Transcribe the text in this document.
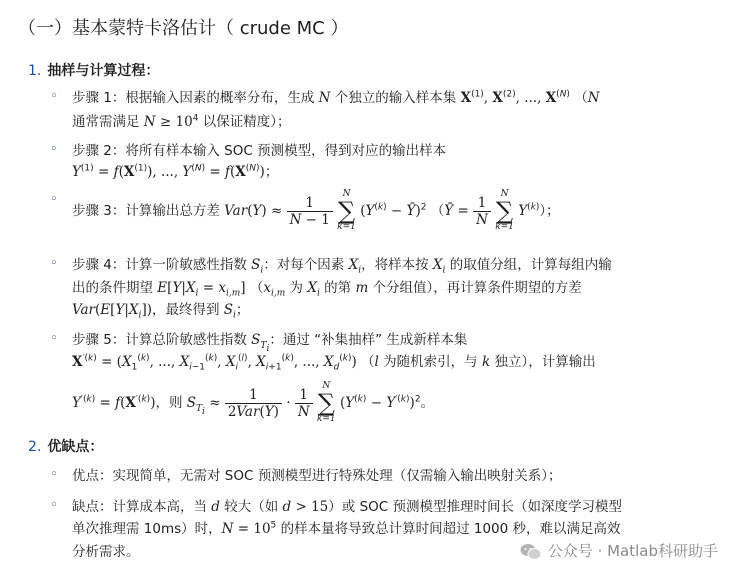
（一）基本蒙特卡洛估计（ crude MC ）
1. 抽样与计算过程：
◦ 步骤 1：根据输入因素的概率分布，生成 N 个独立的输入样本集 $X^{(1)}$, $X^{(2)}$, ..., $X^{(N)}$ （N
通常需满足 $N \ge 10^4$ 以保证精度）；
◦ 步骤 2：将所有样本输入 SOC 预测模型，得到对应的输出样本
$Y^{(1)} = f(X^{(1)})$, ..., $Y^{(N)} = f(X^{(N)})$；
◦
步骤 3：计算输出总方差 $Var(Y) \approx \frac{1}{N - 1}$

N
∑
k=1
($Y^{(k)}$ − Ȳ)$^2$ （Ȳ = $\frac{1}{N}$

N
∑
k=1
$Y^{(k)}$）；
◦ 步骤 4：计算一阶敏感性指数 $S_i$：对每个因素 $X_i$，将样本按 $X_i$ 的取值分组，计算每组内输
出的条件期望 $E[Y|X_i = x_{i,m}]$ （$x_{i,m}$ 为 $X_i$ 的第 m 个分组值），再计算条件期望的方差
$Var(E[Y|X_i])$，最终得到 $S_i$；
◦ 步骤 5：计算总阶敏感性指数 $S_{T_i}$：通过 “补集抽样” 生成新样本集
$X^{'(k)} = (X_1^{(k)}$, ..., $X_{i-1}^{(k)}$, $X_i^{(l)}$, $X_{i+1}^{(k)}$, ..., $X_d^{(k)}$) （l 为随机索引，与 k 独立），计算输出
$Y^{'(k)} = f(X^{'(k)})$，则 $S_{T_i} \approx \frac{1}{\text{2Var(Y)}} \cdot \frac{1}{N}$

N
∑
k=1
$(Y^{(k)} - Y^{'(k)})^2$。
2. 优缺点：
◦ 优点：实现简单，无需对 SOC 预测模型进行特殊处理（仅需输入输出映射关系）；
◦ 缺点：计算成本高，当 d 较大（如 d > 15）或 SOC 预测模型推理时间长（如深度学习模型
单次推理需 10ms）时，$N = 10^5$ 的样本量将导致总计算时间超过 1000 秒，难以满足高效
分析需求。	公众号 · Matlab科研助手
